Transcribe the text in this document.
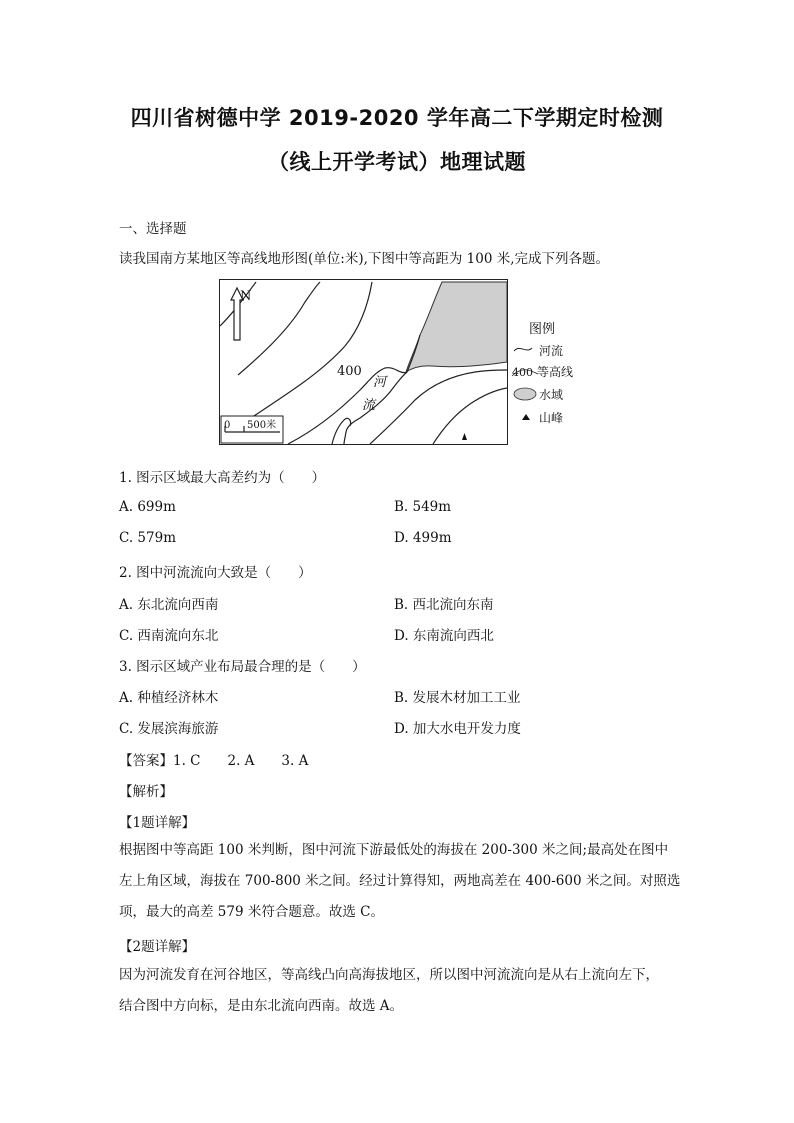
四川省树德中学 2019-2020 学年高二下学期定时检测
（线上开学考试）地理试题
一、选择题
读我国南方某地区等高线地形图(单位:米),下图中等高距为 100 米,完成下列各题。
N
400
河
流
0 500米
图例
河流
400 等高线
水域
山峰
1. 图示区域最大高差约为（　　）
A. 699m	B. 549m
C. 579m	D. 499m
2. 图中河流流向大致是（　　）
A. 东北流向西南	B. 西北流向东南
C. 西南流向东北	D. 东南流向西北
3. 图示区域产业布局最合理的是（　　）
A. 种植经济林木	B. 发展木材加工工业
C. 发展滨海旅游	D. 加大水电开发力度
【答案】1. C　　2. A　　3. A
【解析】
【1题详解】
根据图中等高距 100 米判断，图中河流下游最低处的海拔在 200-300 米之间;最高处在图中
左上角区域，海拔在 700-800 米之间。经过计算得知，两地高差在 400-600 米之间。对照选
项，最大的高差 579 米符合题意。故选 C。
【2题详解】
因为河流发育在河谷地区，等高线凸向高海拔地区，所以图中河流流向是从右上流向左下，
结合图中方向标，是由东北流向西南。故选 A。
